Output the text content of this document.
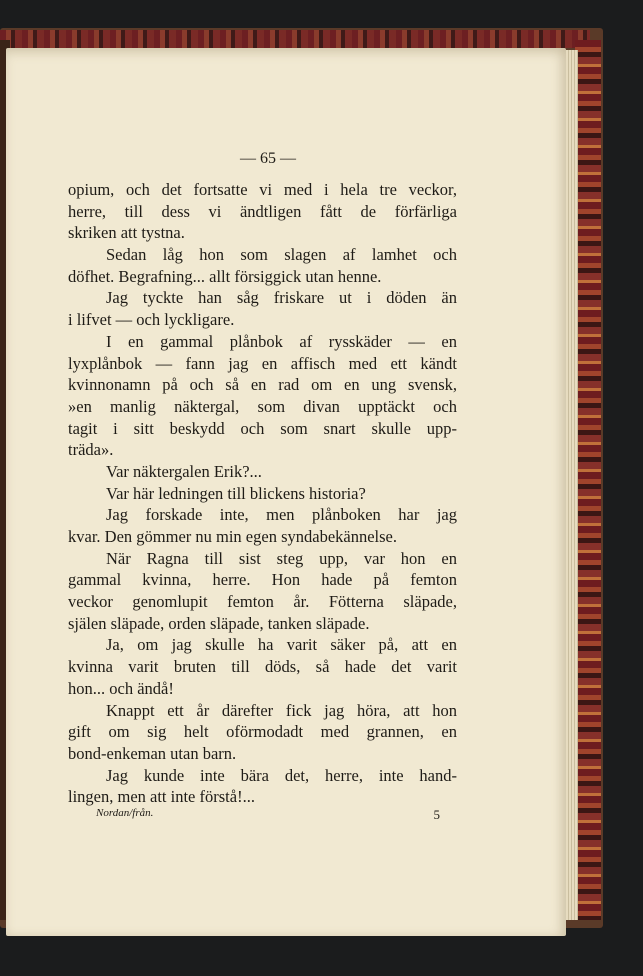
— 65 —
opium, och det fortsatte vi med i hela tre veckor,
herre, till dess vi ändtligen fått de förfärliga
skriken att tystna.
Sedan låg hon som slagen af lamhet och
döfhet. Begrafning... allt försiggick utan henne.
Jag tyckte han såg friskare ut i döden än
i lifvet — och lyckligare.
I en gammal plånbok af rysskäder — en
lyxplånbok — fann jag en affisch med ett kändt
kvinnonamn på och så en rad om en ung svensk,
»en manlig näktergal, som divan upptäckt och
tagit i sitt beskydd och som snart skulle upp-
träda».
Var näktergalen Erik?...
Var här ledningen till blickens historia?
Jag forskade inte, men plånboken har jag
kvar. Den gömmer nu min egen syndabekännelse.
När Ragna till sist steg upp, var hon en
gammal kvinna, herre. Hon hade på femton
veckor genomlupit femton år. Fötterna släpade,
själen släpade, orden släpade, tanken släpade.
Ja, om jag skulle ha varit säker på, att en
kvinna varit bruten till döds, så hade det varit
hon... och ändå!
Knappt ett år därefter fick jag höra, att hon
gift om sig helt oförmodadt med grannen, en
bond-enkeman utan barn.
Jag kunde inte bära det, herre, inte hand-
lingen, men att inte förstå!...
Nordan/från.	5
